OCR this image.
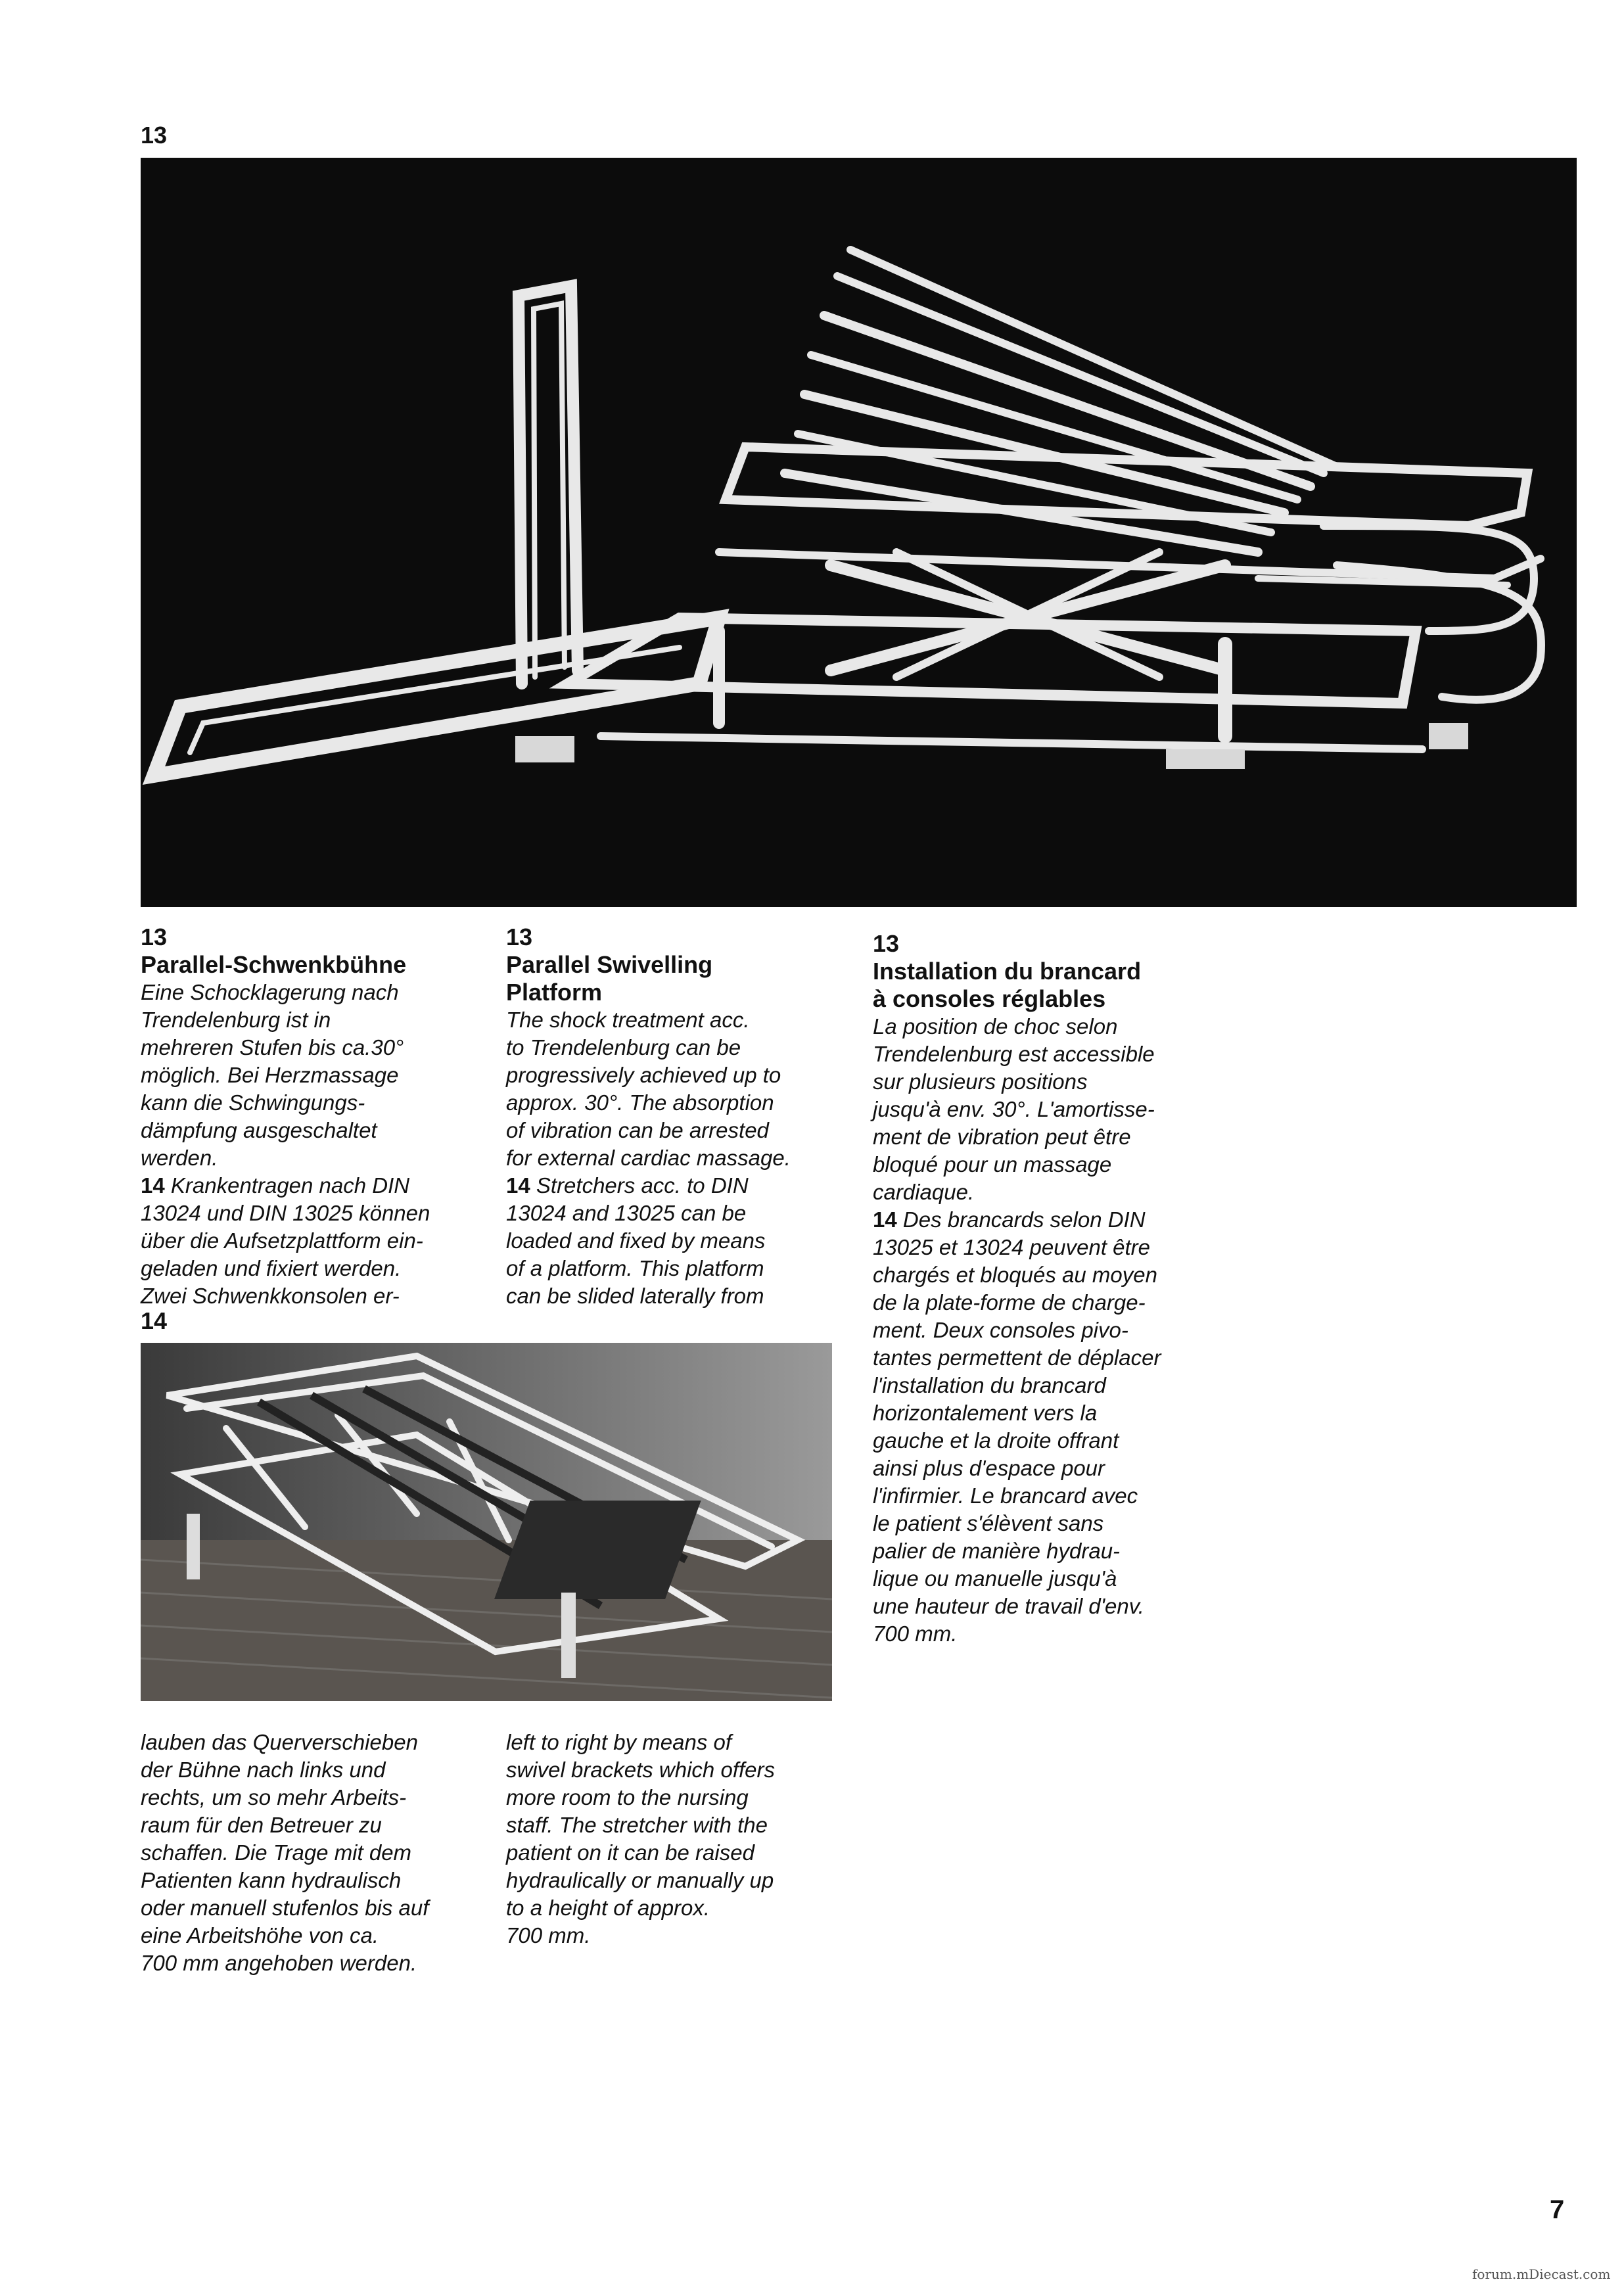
13
13
Parallel-Schwenkbühne

Eine Schocklagerung nach
Trendelenburg ist in
mehreren Stufen bis ca.30°
möglich. Bei Herzmassage
kann die Schwingungs-
dämpfung ausgeschaltet
werden.

14 Krankentragen nach DIN
13024 und DIN 13025 können
über die Aufsetzplattform ein-
geladen und fixiert werden.
Zwei Schwenkkonsolen er-

13
Parallel Swivelling
Platform

The shock treatment acc.
to Trendelenburg can be
progressively achieved up to
approx. 30°. The absorption
of vibration can be arrested
for external cardiac massage.

14 Stretchers acc. to DIN
13024 and 13025 can be
loaded and fixed by means
of a platform. This platform
can be slided laterally from

13
Installation du brancard
à consoles réglables

La position de choc selon
Trendelenburg est accessible
sur plusieurs positions
jusqu'à env. 30°. L'amortisse-
ment de vibration peut être
bloqué pour un massage
cardiaque.

14 Des brancards selon DIN
13025 et 13024 peuvent être
chargés et bloqués au moyen
de la plate-forme de charge-
ment. Deux consoles pivo-
tantes permettent de déplacer
l'installation du brancard
horizontalement vers la
gauche et la droite offrant
ainsi plus d'espace pour
l'infirmier. Le brancard avec
le patient s'élèvent sans
palier de manière hydrau-
lique ou manuelle jusqu'à
une hauteur de travail d'env.
700 mm.

14

lauben das Querverschieben
der Bühne nach links und
rechts, um so mehr Arbeits-
raum für den Betreuer zu
schaffen. Die Trage mit dem
Patienten kann hydraulisch
oder manuell stufenlos bis auf
eine Arbeitshöhe von ca.
700 mm angehoben werden.

left to right by means of
swivel brackets which offers
more room to the nursing
staff. The stretcher with the
patient on it can be raised
hydraulically or manually up
to a height of approx.
700 mm.

7
forum.mDiecast.com
